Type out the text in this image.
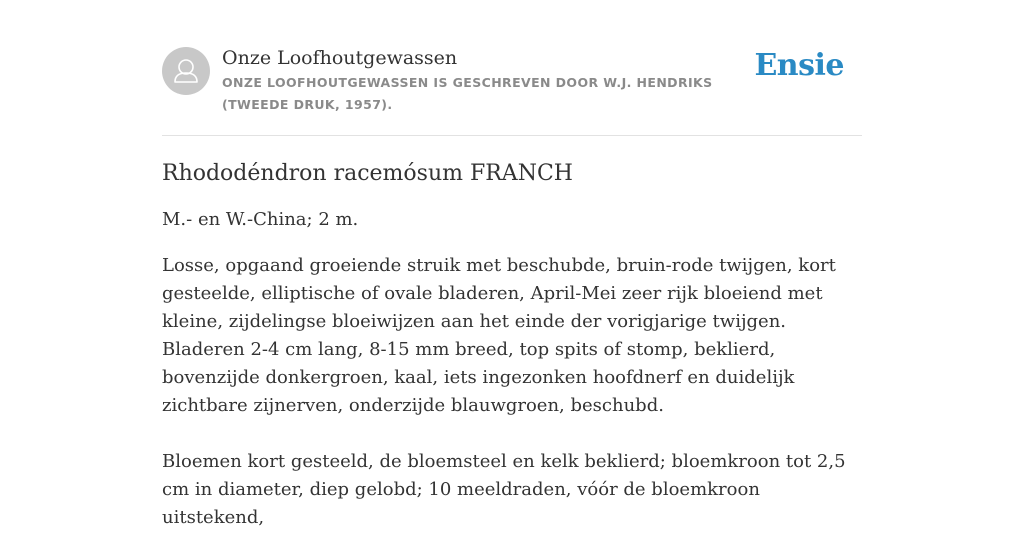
Onze Loofhoutgewassen
ONZE LOOFHOUTGEWASSEN IS GESCHREVEN DOOR W.J. HENDRIKS (TWEEDE DRUK, 1957).
Ensie
Rhododéndron racemósum FRANCH

M.- en W.-China; 2 m.

Losse, opgaand groeiende struik met beschubde, bruin-rode twijgen, kort gesteelde, elliptische of ovale bladeren, April-Mei zeer rijk bloeiend met kleine, zijdelingse bloeiwijzen aan het einde der vorigjarige twijgen. Bladeren 2-4 cm lang, 8-15 mm breed, top spits of stomp, beklierd, bovenzijde donkergroen, kaal, iets ingezonken hoofdnerf en duidelijk zichtbare zijnerven, onderzijde blauwgroen, beschubd.

Bloemen kort gesteeld, de bloemsteel en kelk beklierd; bloemkroon tot 2,5 cm in diameter, diep gelobd; 10 meeldraden, vóór de bloemkroon uitstekend,
